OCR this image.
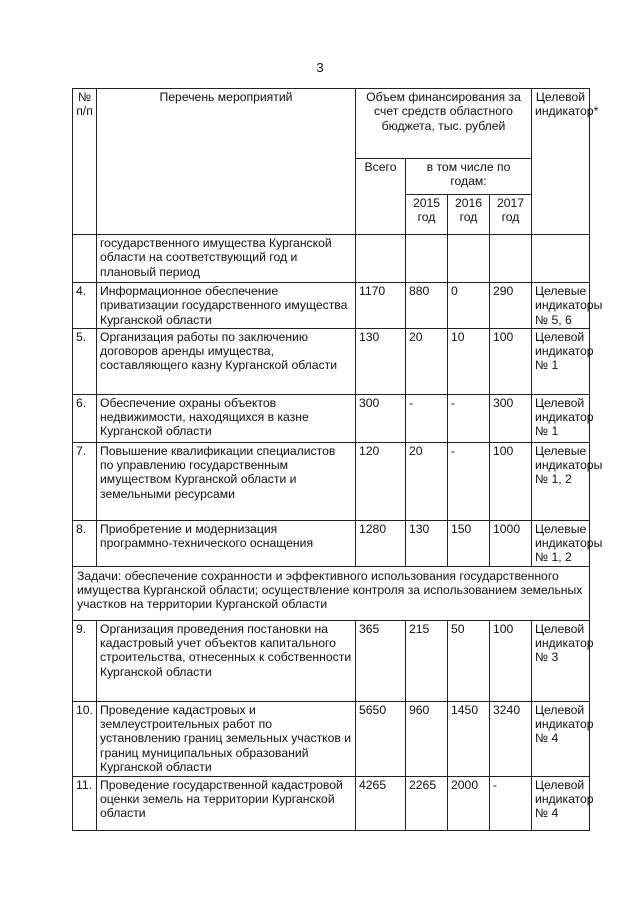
3
№ п/п	Перечень мероприятий	Объем финансирования за счет средств областного бюджета, тыс. рублей				Целевой индикатор*
		Всего	в том числе по годам:			
			2015 год	2016 год	2017 год	
	государственного имущества Курганской области на соответствующий год и плановый период					
4.	Информационное обеспечение приватизации государственного имущества Курганской области	1170	880	0	290	Целевые индикаторы № 5, 6
5.	Организация работы по заключению договоров аренды имущества, составляющего казну Курганской области	130	20	10	100	Целевой индикатор № 1
6.	Обеспечение охраны объектов недвижимости, находящихся в казне Курганской области	300	-	-	300	Целевой индикатор № 1
7.	Повышение квалификации специалистов по управлению государственным имуществом Курганской области и земельными ресурсами	120	20	-	100	Целевые индикаторы № 1, 2
8.	Приобретение и модернизация программно-технического оснащения	1280	130	150	1000	Целевые индикаторы № 1, 2
Задачи: обеспечение сохранности и эффективного использования государственного имущества Курганской области; осуществление контроля за использованием земельных участков на территории Курганской области						
9.	Организация проведения постановки на кадастровый учет объектов капитального строительства, отнесенных к собственности Курганской области	365	215	50	100	Целевой индикатор № 3
10.	Проведение кадастровых и землеустроительных работ по установлению границ земельных участков и границ муниципальных образований Курганской области	5650	960	1450	3240	Целевой индикатор № 4
11.	Проведение государственной кадастровой оценки земель на территории Курганской области	4265	2265	2000	-	Целевой индикатор № 4
